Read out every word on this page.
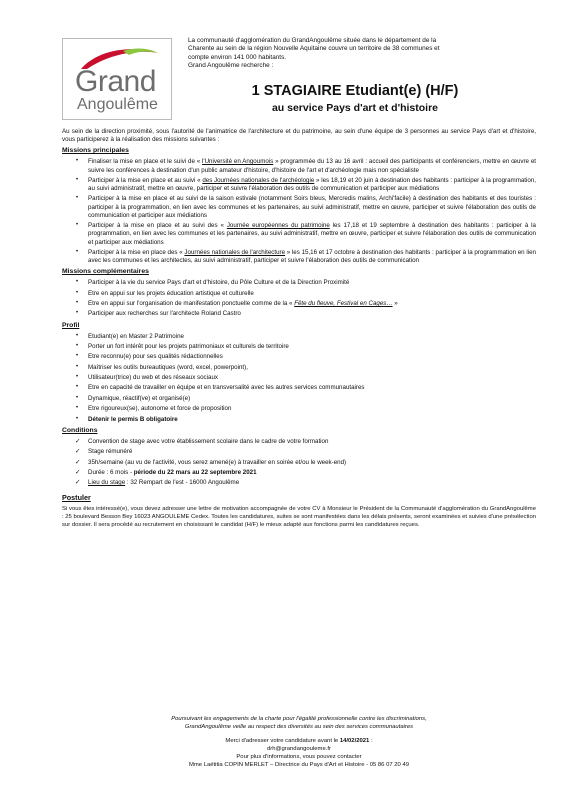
Grand
Angoulême

La communauté d'agglomération du GrandAngoulême située dans le département de la

Charente au sein de la région Nouvelle Aquitaine couvre un territoire de 38 communes et

compte environ 141 000 habitants.

Grand Angoulême recherche :

1 STAGIAIRE Etudiant(e) (H/F)
au service Pays d'art et d'histoire

Au sein de la direction proximité, sous l'autorité de l'animatrice de l'architecture et du patrimoine, au sein d'une équipe de 3 personnes au service Pays d'art et d'histoire, vous participerez à la réalisation des missions suivantes :

Missions principales
• Finaliser la mise en place et le suivi de « l'Université en Angoumois » programmée du 13 au 16 avril : accueil des participants et conférenciers, mettre en œuvre et suivre les conférences à destination d'un public amateur d'histoire, d'histoire de l'art et d'archéologie mais non spécialiste
• Participer à la mise en place et au suivi « des Journées nationales de l'archéologie » les 18,19 et 20 juin à destination des habitants : participer à la programmation, au suivi administratif, mettre en œuvre, participer et suivre l'élaboration des outils de communication et participer aux médiations
• Participer à la mise en place et au suivi de la saison estivale (notamment Soirs bleus, Mercredis malins, Archi'facile) à destination des habitants et des touristes : participer à la programmation, en lien avec les communes et les partenaires, au suivi administratif, mettre en œuvre, participer et suivre l'élaboration des outils de communication et participer aux médiations
• Participer à la mise en place et au suivi des « Journée européennes du patrimoine les 17,18 et 19 septembre à destination des habitants : participer à la programmation, en lien avec les communes et les partenaires, au suivi administratif, mettre en œuvre, participer et suivre l'élaboration des outils de communication et participer aux médiations
• Participer à la mise en place des « Journées nationales de l'architecture » les 15,16 et 17 octobre à destination des habitants : participer à la programmation en lien avec les communes et les architectes, au suivi administratif, participer et suivre l'élaboration des outils de communication
Missions complémentaires
• Participer à la vie du service Pays d'art et d'histoire, du Pôle Culture et de la Direction Proximité
• Etre en appui sur les projets éducation artistique et culturelle
• Etre en appui sur l'organisation de manifestation ponctuelle comme de la « Fête du fleuve, Festival en Cages… »
• Participer aux recherches sur l'architecte Roland Castro
Profil
• Etudiant(e) en Master 2 Patrimoine
• Porter un fort intérêt pour les projets patrimoniaux et culturels de territoire
• Etre reconnu(e) pour ses qualités rédactionnelles
• Maîtriser les outils bureautiques (word, excel, powerpoint),
• Utilisateur(trice) du web et des réseaux sociaux
• Etre en capacité de travailler en équipe et en transversalité avec les autres services communautaires
• Dynamique, réactif(ve) et organisé(e)
• Etre rigoureux(se), autonome et force de proposition
• Détenir le permis B obligatoire
Conditions
✓ Convention de stage avec votre établissement scolaire dans le cadre de votre formation
✓ Stage rémunéré
✓ 35h/semaine (au vu de l'activité, vous serez amené(e) à travailler en soirée et/ou le week-end)
✓ Durée : 6 mois - période du 22 mars au 22 septembre 2021
✓ Lieu du stage : 32 Rempart de l'est - 16000 Angoulême
Postuler

Si vous êtes intéressé(e), vous devez adresser une lettre de motivation accompagnée de votre CV à Monsieur le Président de la Communauté d'agglomération du GrandAngoulême : 25 boulevard Besson Bey 16023 ANGOULEME Cedex. Toutes les candidatures, suites se sont manifestées dans les délais présents, seront examinées et suivies d'une présélection sur dossier. Il sera procédé au recrutement en choisissant le candidat (H/F) le mieux adapté aux fonctions parmi les candidatures reçues.

Poursuivant les engagements de la charte pour l'égalité professionnelle contre les discriminations,
GrandAngoulême veille au respect des diversités au sein des services communautaires
Merci d'adresser votre candidature avant le 14/02/2021 :
drh@grandangouleme.fr
Pour plus d'informations, vous pouvez contacter
Mme Laëtitia COPIN MERLET – Directrice du Pays d'Art et Histoire - 05 86 07 20 49
